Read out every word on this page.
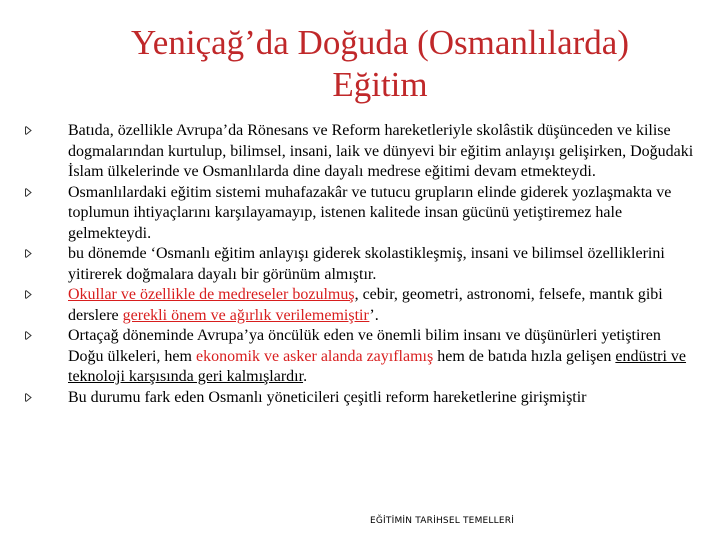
Yeniçağ’da Doğuda (Osmanlılarda)
Eğitim
Batıda, özellikle Avrupa’da Rönesans ve Reform hareketleriyle skolâstik düşünceden ve kilise dogmalarından kurtulup, bilimsel, insani, laik ve dünyevi bir eğitim anlayışı gelişirken, Doğudaki İslam ülkelerinde ve Osmanlılarda dine dayalı medrese eğitimi devam etmekteydi.
Osmanlılardaki eğitim sistemi muhafazakâr ve tutucu grupların elinde giderek yozlaşmakta ve toplumun ihtiyaçlarını karşılayamayıp, istenen kalitede insan gücünü yetiştiremez hale gelmekteydi.
bu dönemde ‘Osmanlı eğitim anlayışı giderek skolastikleşmiş, insani ve bilimsel özelliklerini yitirerek doğmalara dayalı bir görünüm almıştır.
Okullar ve özellikle de medreseler bozulmuş, cebir, geometri, astronomi, felsefe, mantık gibi derslere gerekli önem ve ağırlık verilememiştir’.
Ortaçağ döneminde Avrupa’ya öncülük eden ve önemli bilim insanı ve düşünürleri yetiştiren Doğu ülkeleri, hem ekonomik ve asker alanda zayıflamış hem de batıda hızla gelişen endüstri ve teknoloji karşısında geri kalmışlardır.
Bu durumu fark eden Osmanlı yöneticileri çeşitli reform hareketlerine girişmiştir
EĞİTİMİN TARİHSEL TEMELLERİ
